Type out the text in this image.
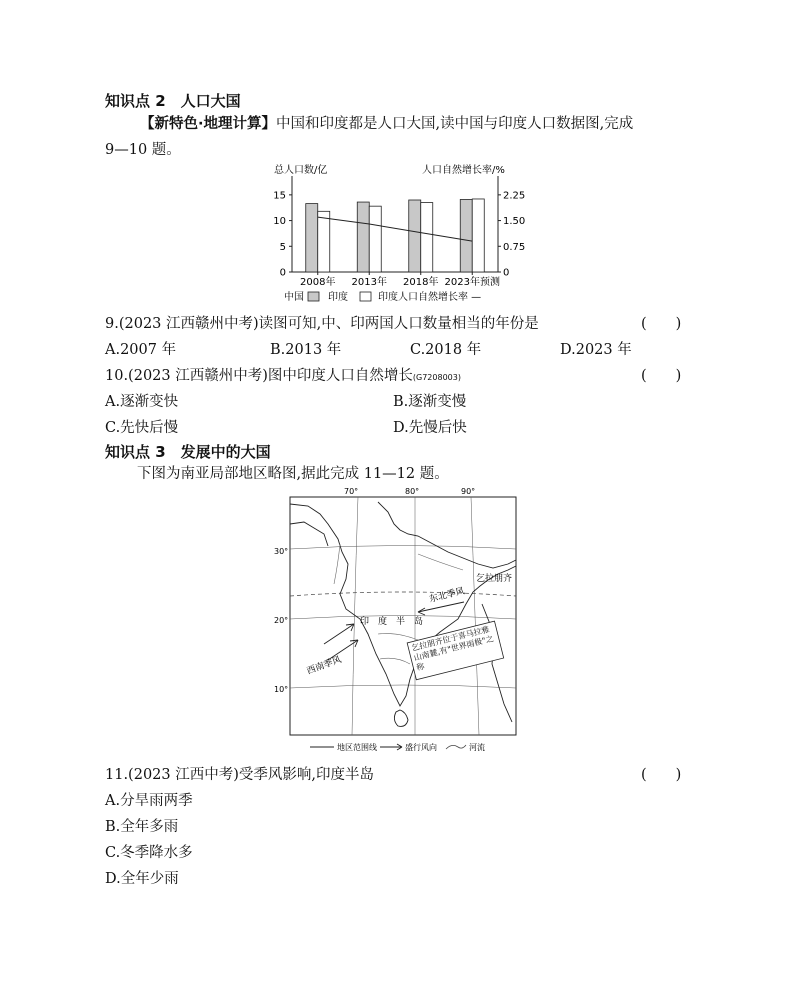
知识点 2　人口大国
【新特色·地理计算】中国和印度都是人口大国,读中国与印度人口数据图,完成
9—10 题。
总人口数/亿	人口自然增长率/%
0
5
10
15
0
0.75
1.50
2.25
2008年 2013年 2018年 2023年预测
中国 印度	印度人口自然增长率 —
9.(2023 江西赣州中考)读图可知,中、印两国人口数量相当的年份是	(　　)
A.2007 年	B.2013 年	C.2018 年	D.2023 年
10.(2023 江西赣州中考)图中印度人口自然增长(G7208003)	(　　)
A.逐渐变快	B.逐渐变慢
C.先快后慢	D.先慢后快
知识点 3　发展中的大国
下图为南亚局部地区略图,据此完成 11—12 题。
70°	80°	90°
30°
20°
10°
乞拉朋齐
东北季风
印　度　半　岛
西南季风
乞拉朋齐位于喜马拉雅山南麓,有"世界雨极"之称
地区范围线	盛行风向	河流
11.(2023 江西中考)受季风影响,印度半岛	(　　)
A.分旱雨两季
B.全年多雨
C.冬季降水多
D.全年少雨
